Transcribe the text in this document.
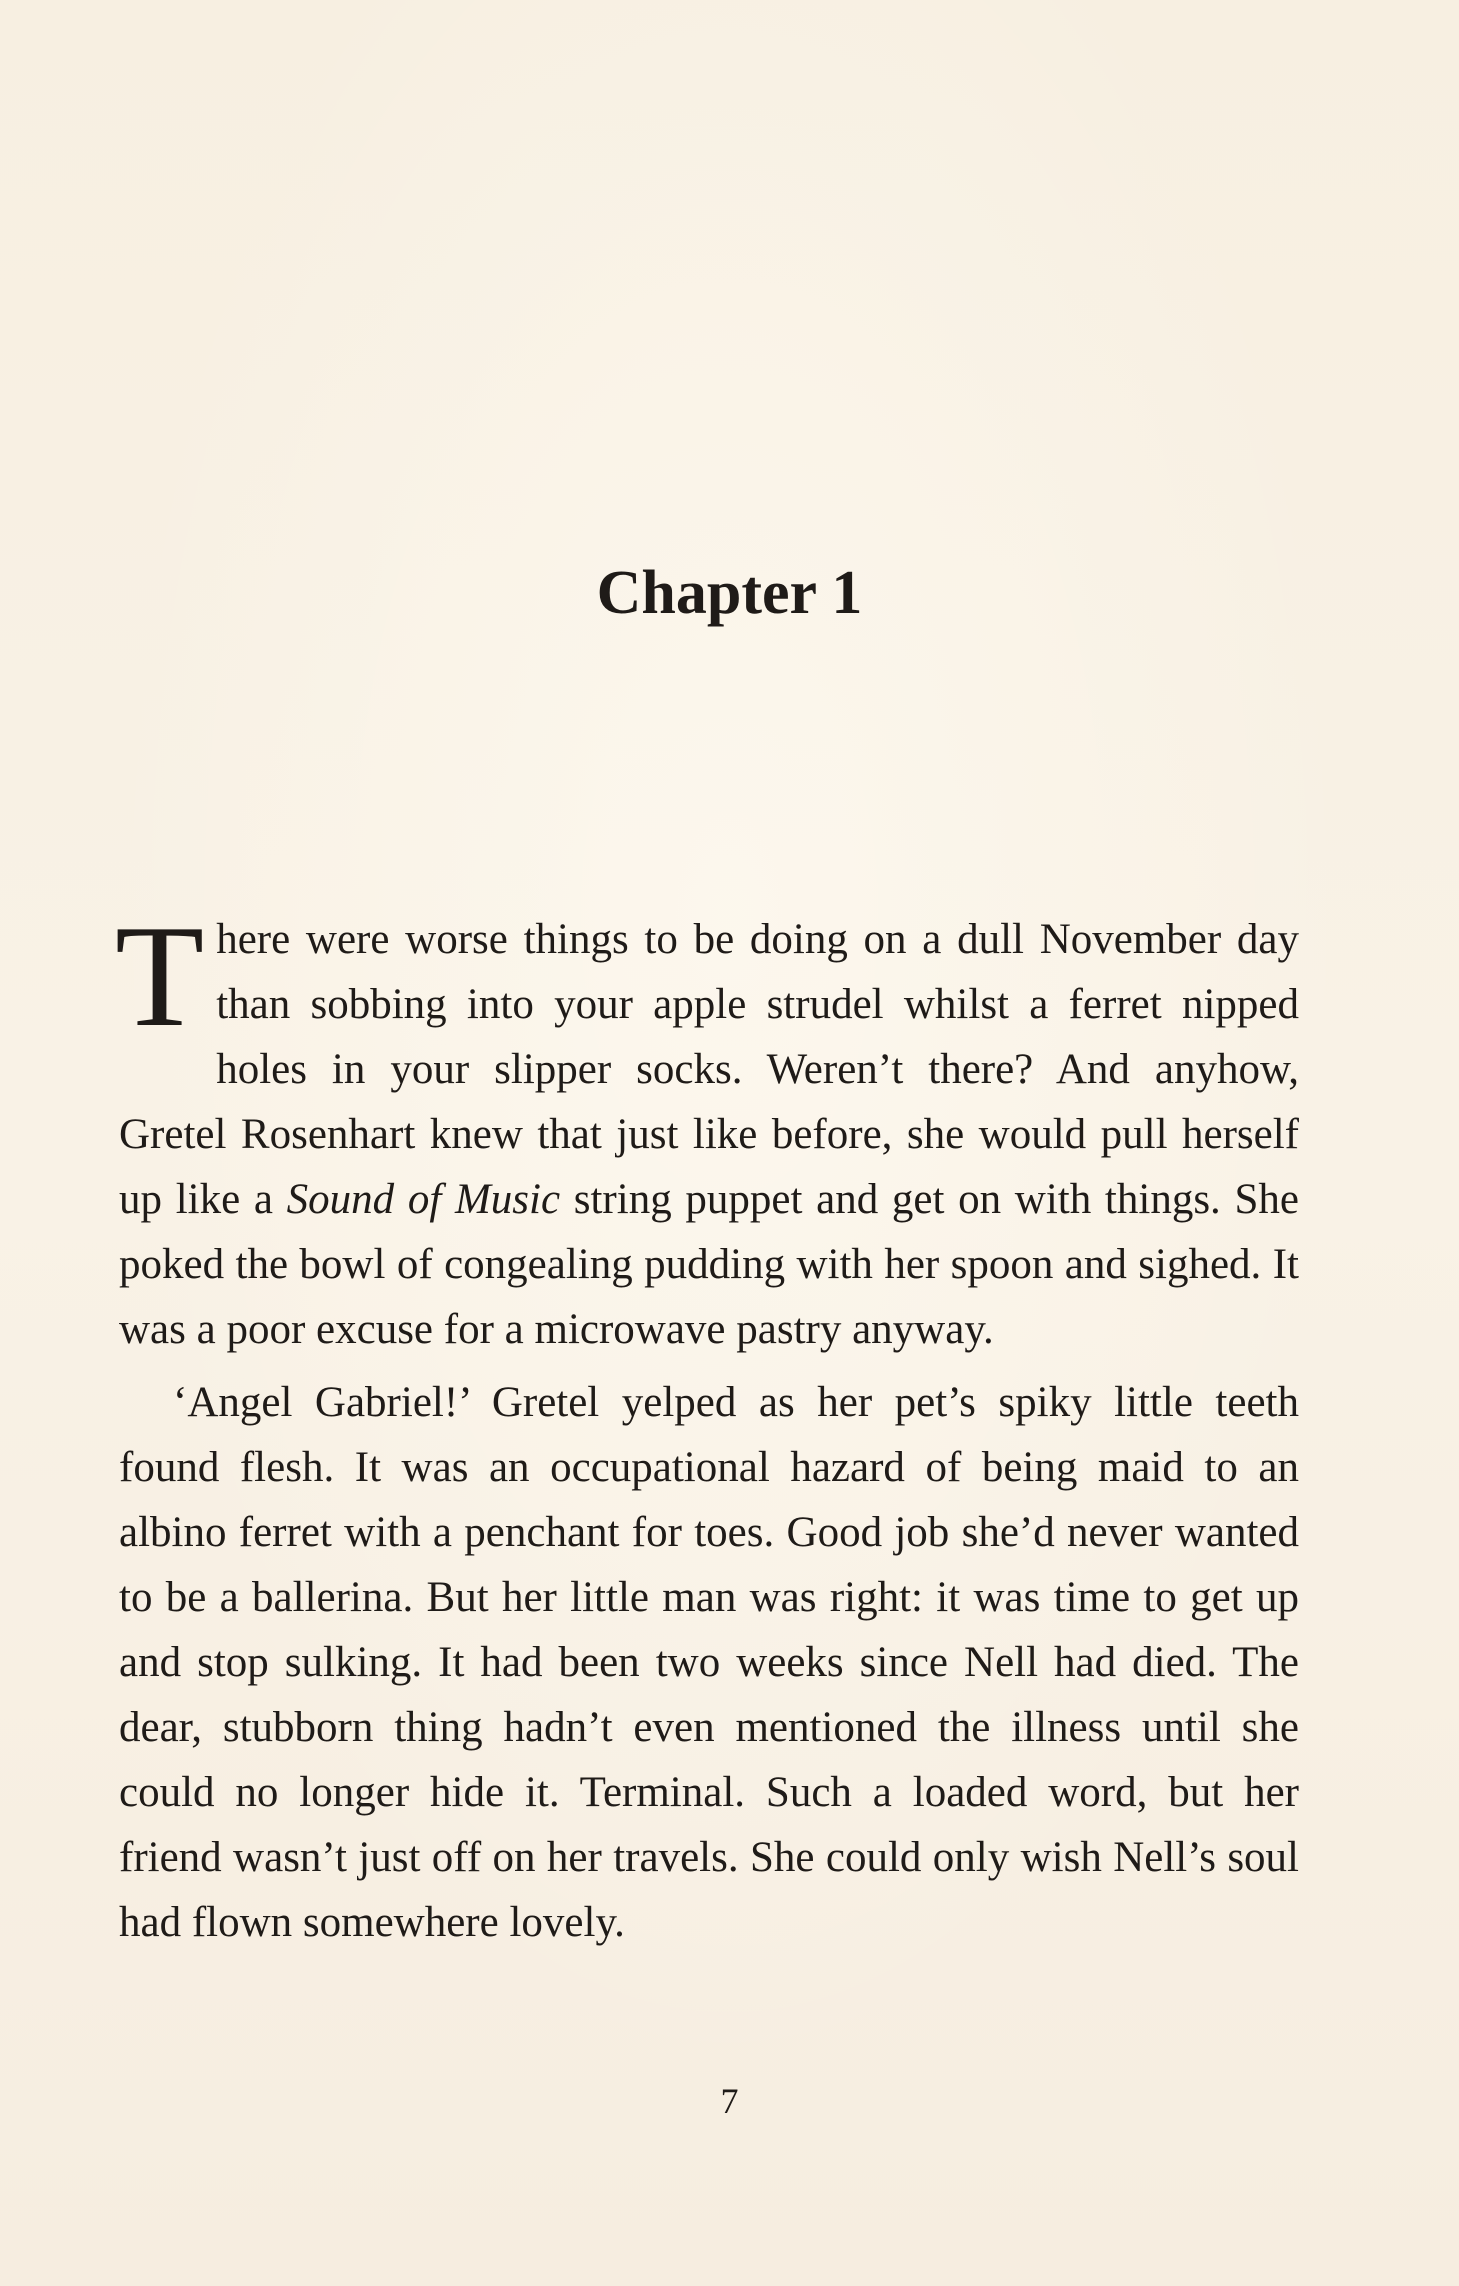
Chapter 1

There were worse things to be doing on a dull November day than sobbing into your apple strudel whilst a ferret nipped holes in your slipper socks. Weren’t there? And anyhow, Gretel Rosenhart knew that just like before, she would pull herself up like a Sound of Music string puppet and get on with things. She poked the bowl of congealing pudding with her spoon and sighed. It was a poor excuse for a microwave pastry anyway.

‘Angel Gabriel!’ Gretel yelped as her pet’s spiky little teeth found flesh. It was an occupational hazard of being maid to an albino ferret with a penchant for toes. Good job she’d never wanted to be a ballerina. But her little man was right: it was time to get up and stop sulking. It had been two weeks since Nell had died. The dear, stubborn thing hadn’t even mentioned the illness until she could no longer hide it. Terminal. Such a loaded word, but her friend wasn’t just off on her travels. She could only wish Nell’s soul had flown somewhere lovely.

7
